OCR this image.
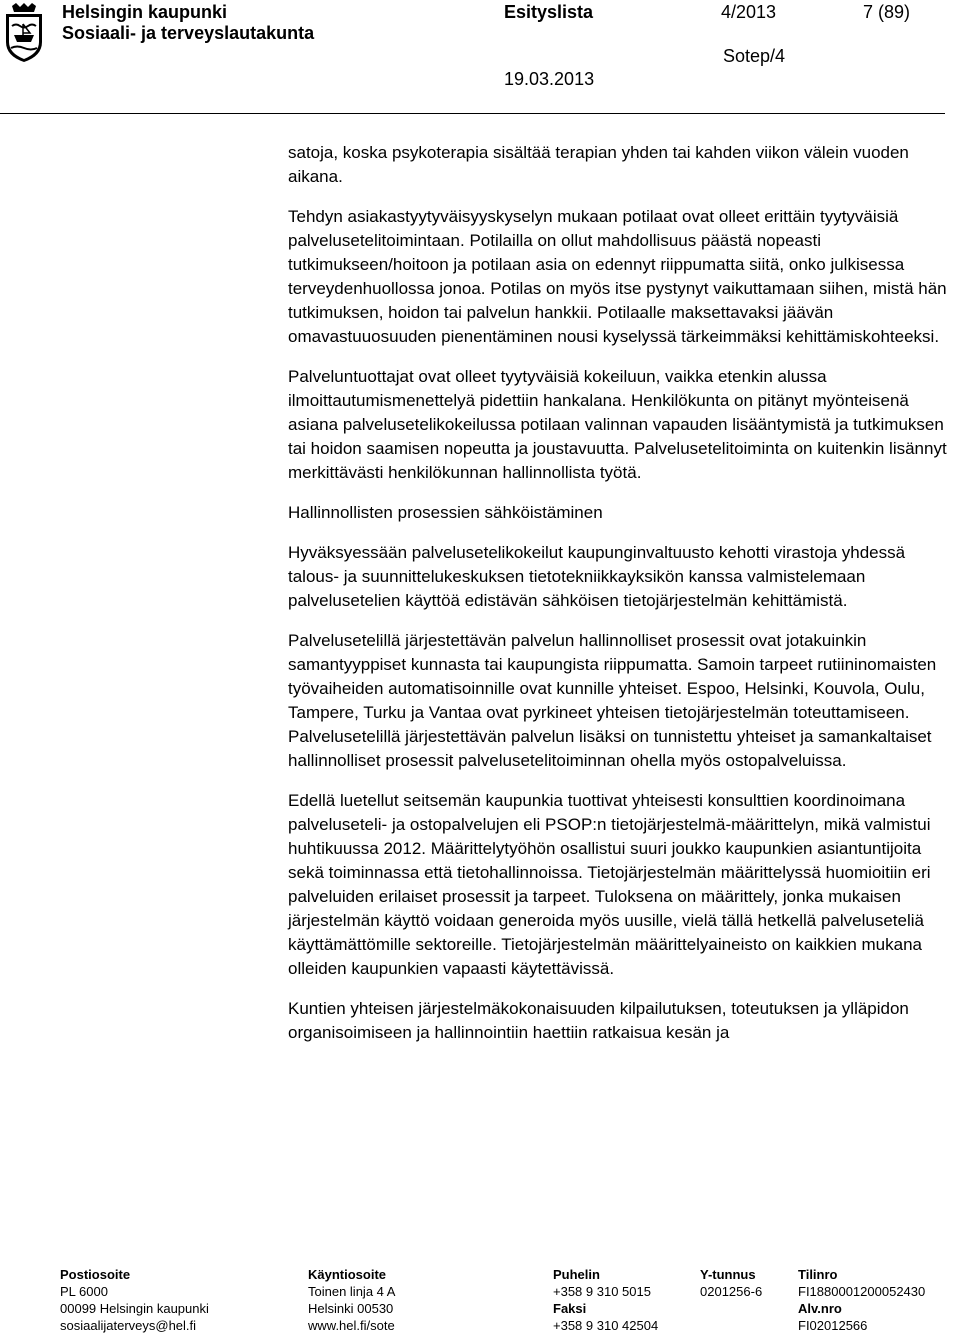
Helsingin kaupunki
Sosiaali- ja terveyslautakunta
Esityslista	4/2013	7 (89)
Sotep/4
19.03.2013

satoja, koska psykoterapia sisältää terapian yhden tai kahden viikon välein vuoden aikana.

Tehdyn asiakastyytyväisyyskyselyn mukaan potilaat ovat olleet erittäin tyytyväisiä palvelusetelitoimintaan. Potilailla on ollut mahdollisuus päästä nopeasti tutkimukseen/hoitoon ja potilaan asia on edennyt riippumatta siitä, onko julkisessa terveydenhuollossa jonoa. Potilas on myös itse pystynyt vaikuttamaan siihen, mistä hän tutkimuksen, hoidon tai palvelun hankkii. Potilaalle maksettavaksi jäävän omavastuuosuuden pienentäminen nousi kyselyssä tärkeimmäksi kehittämiskohteeksi.

Palveluntuottajat ovat olleet tyytyväisiä kokeiluun, vaikka etenkin alussa ilmoittautumismenettelyä pidettiin hankalana. Henkilökunta on pitänyt myönteisenä asiana palvelusetelikokeilussa potilaan valinnan vapauden lisääntymistä ja tutkimuksen tai hoidon saamisen nopeutta ja joustavuutta. Palvelusetelitoiminta on kuitenkin lisännyt merkittävästi henkilökunnan hallinnollista työtä.

Hallinnollisten prosessien sähköistäminen

Hyväksyessään palvelusetelikokeilut kaupunginvaltuusto kehotti virastoja yhdessä talous- ja suunnittelukeskuksen tietotekniikkayksikön kanssa valmistelemaan palvelusetelien käyttöä edistävän sähköisen tietojärjestelmän kehittämistä.

Palvelusetelillä järjestettävän palvelun hallinnolliset prosessit ovat jotakuinkin samantyyppiset kunnasta tai kaupungista riippumatta. Samoin tarpeet rutiininomaisten työvaiheiden automatisoinnille ovat kunnille yhteiset. Espoo, Helsinki, Kouvola, Oulu, Tampere, Turku ja Vantaa ovat pyrkineet yhteisen tietojärjestelmän toteuttamiseen. Palvelusetelillä järjestettävän palvelun lisäksi on tunnistettu yhteiset ja samankaltaiset hallinnolliset prosessit palvelusetelitoiminnan ohella myös ostopalveluissa.

Edellä luetellut seitsemän kaupunkia tuottivat yhteisesti konsulttien koordinoimana palveluseteli- ja ostopalvelujen eli PSOP:n tietojärjestelmä-määrittelyn, mikä valmistui huhtikuussa 2012. Määrittelytyöhön osallistui suuri joukko kaupunkien asiantuntijoita sekä toiminnassa että tietohallinnoissa. Tietojärjestelmän määrittelyssä huomioitiin eri palveluiden erilaiset prosessit ja tarpeet. Tuloksena on määrittely, jonka mukaisen järjestelmän käyttö voidaan generoida myös uusille, vielä tällä hetkellä palveluseteliä käyttämättömille sektoreille. Tietojärjestelmän määrittelyaineisto on kaikkien mukana olleiden kaupunkien vapaasti käytettävissä.

Kuntien yhteisen järjestelmäkokonaisuuden kilpailutuksen, toteutuksen ja ylläpidon organisoimiseen ja hallinnointiin haettiin ratkaisua kesän ja

Postiosoite
PL 6000
00099 Helsingin kaupunki
sosiaalijaterveys@hel.fi
Käyntiosoite
Toinen linja 4 A
Helsinki 00530
www.hel.fi/sote
Puhelin
+358 9 310 5015
Faksi
+358 9 310 42504
Y-tunnus
0201256-6
Tilinro
FI1880001200052430
Alv.nro
FI02012566
